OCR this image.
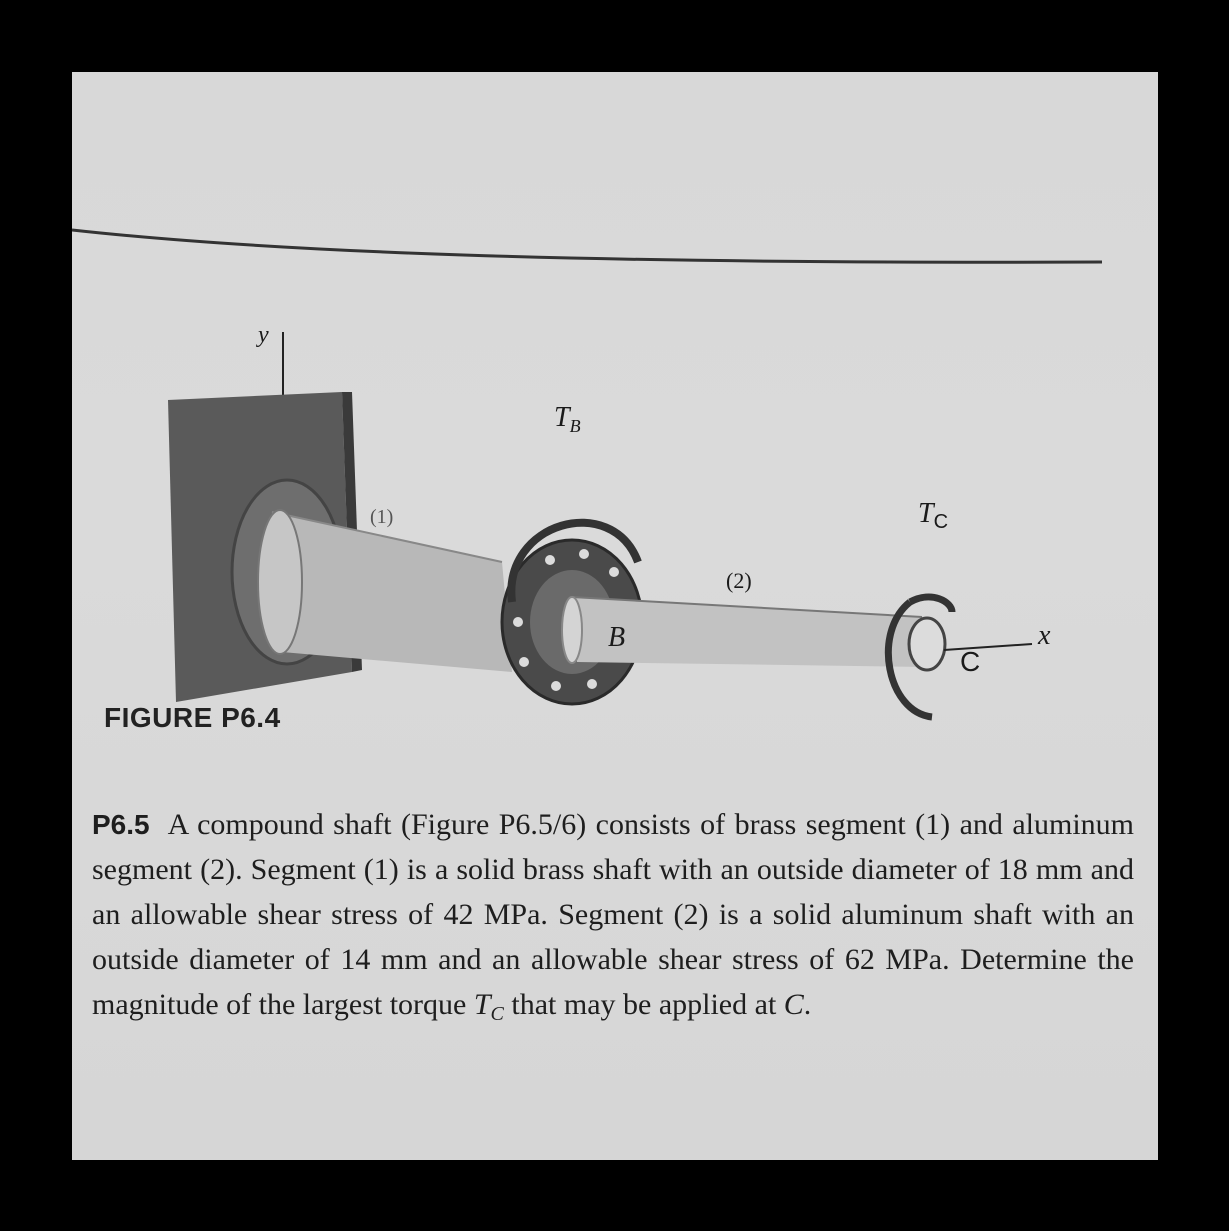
y
x
(1)
(2)
B
C
$T_B$
$T_C$
FIGURE P6.4
P6.5 A compound shaft (Figure P6.5/6) consists of brass segment (1) and aluminum segment (2). Segment (1) is a solid brass shaft with an outside diameter of 18 mm and an allowable shear stress of 42 MPa. Segment (2) is a solid aluminum shaft with an outside diameter of 14 mm and an allowable shear stress of 62 MPa. Determine the magnitude of the largest torque $T_C$ that may be applied at C.
